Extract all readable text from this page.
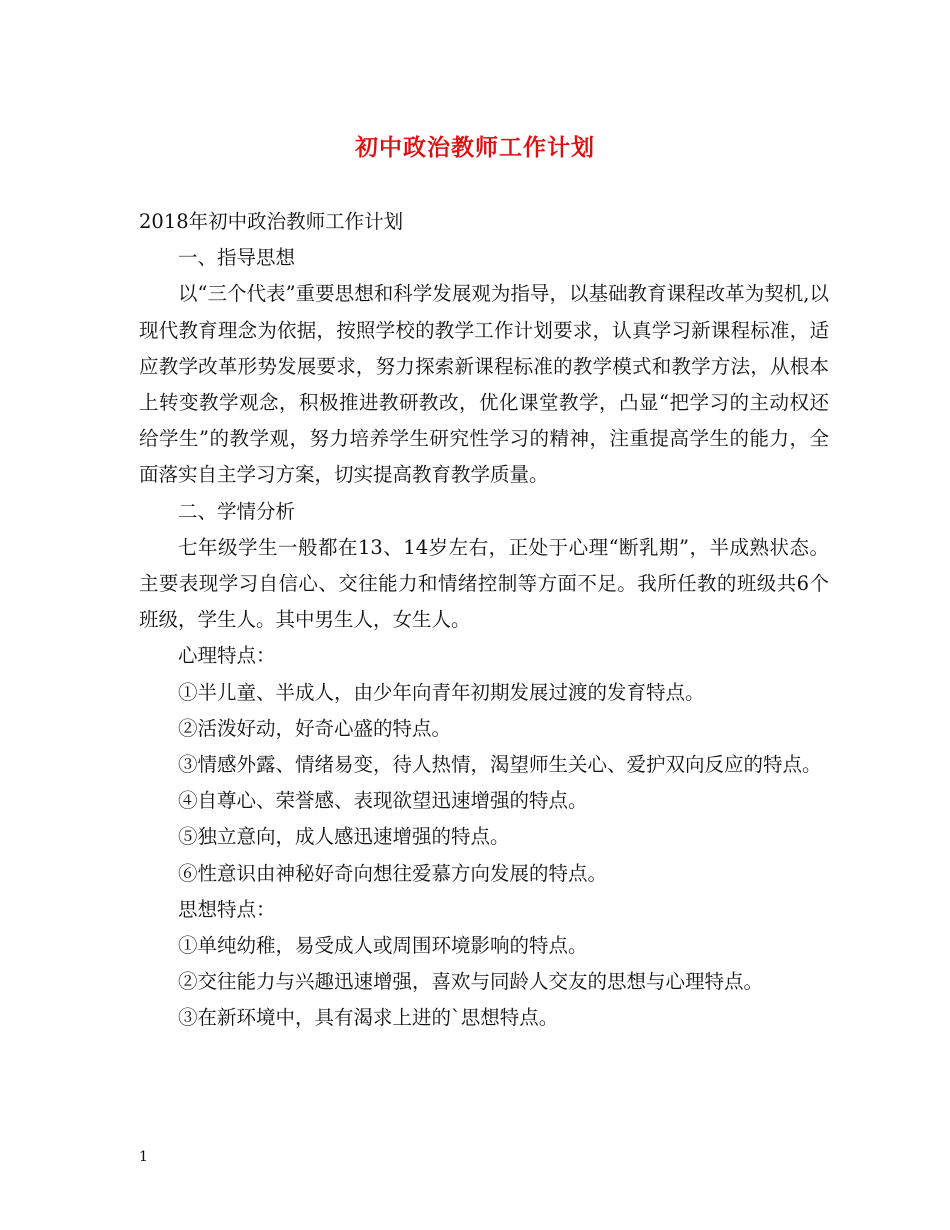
初中政治教师工作计划

2018年初中政治教师工作计划

一、指导思想

以“三个代表”重要思想和科学发展观为指导，以基础教育课程改革为契机,以现代教育理念为依据，按照学校的教学工作计划要求，认真学习新课程标准，适应教学改革形势发展要求，努力探索新课程标准的教学模式和教学方法，从根本上转变教学观念，积极推进教研教改，优化课堂教学，凸显“把学习的主动权还给学生”的教学观，努力培养学生研究性学习的精神，注重提高学生的能力，全面落实自主学习方案，切实提高教育教学质量。

二、学情分析

七年级学生一般都在13、14岁左右，正处于心理“断乳期”，半成熟状态。主要表现学习自信心、交往能力和情绪控制等方面不足。我所任教的班级共6个班级，学生人。其中男生人，女生人。

心理特点：

①半儿童、半成人，由少年向青年初期发展过渡的发育特点。

②活泼好动，好奇心盛的特点。

③情感外露、情绪易变，待人热情，渴望师生关心、爱护双向反应的特点。

④自尊心、荣誉感、表现欲望迅速增强的特点。

⑤独立意向，成人感迅速增强的特点。

⑥性意识由神秘好奇向想往爱慕方向发展的特点。

思想特点：

①单纯幼稚，易受成人或周围环境影响的特点。

②交往能力与兴趣迅速增强，喜欢与同龄人交友的思想与心理特点。

③在新环境中，具有渴求上进的`思想特点。

1
